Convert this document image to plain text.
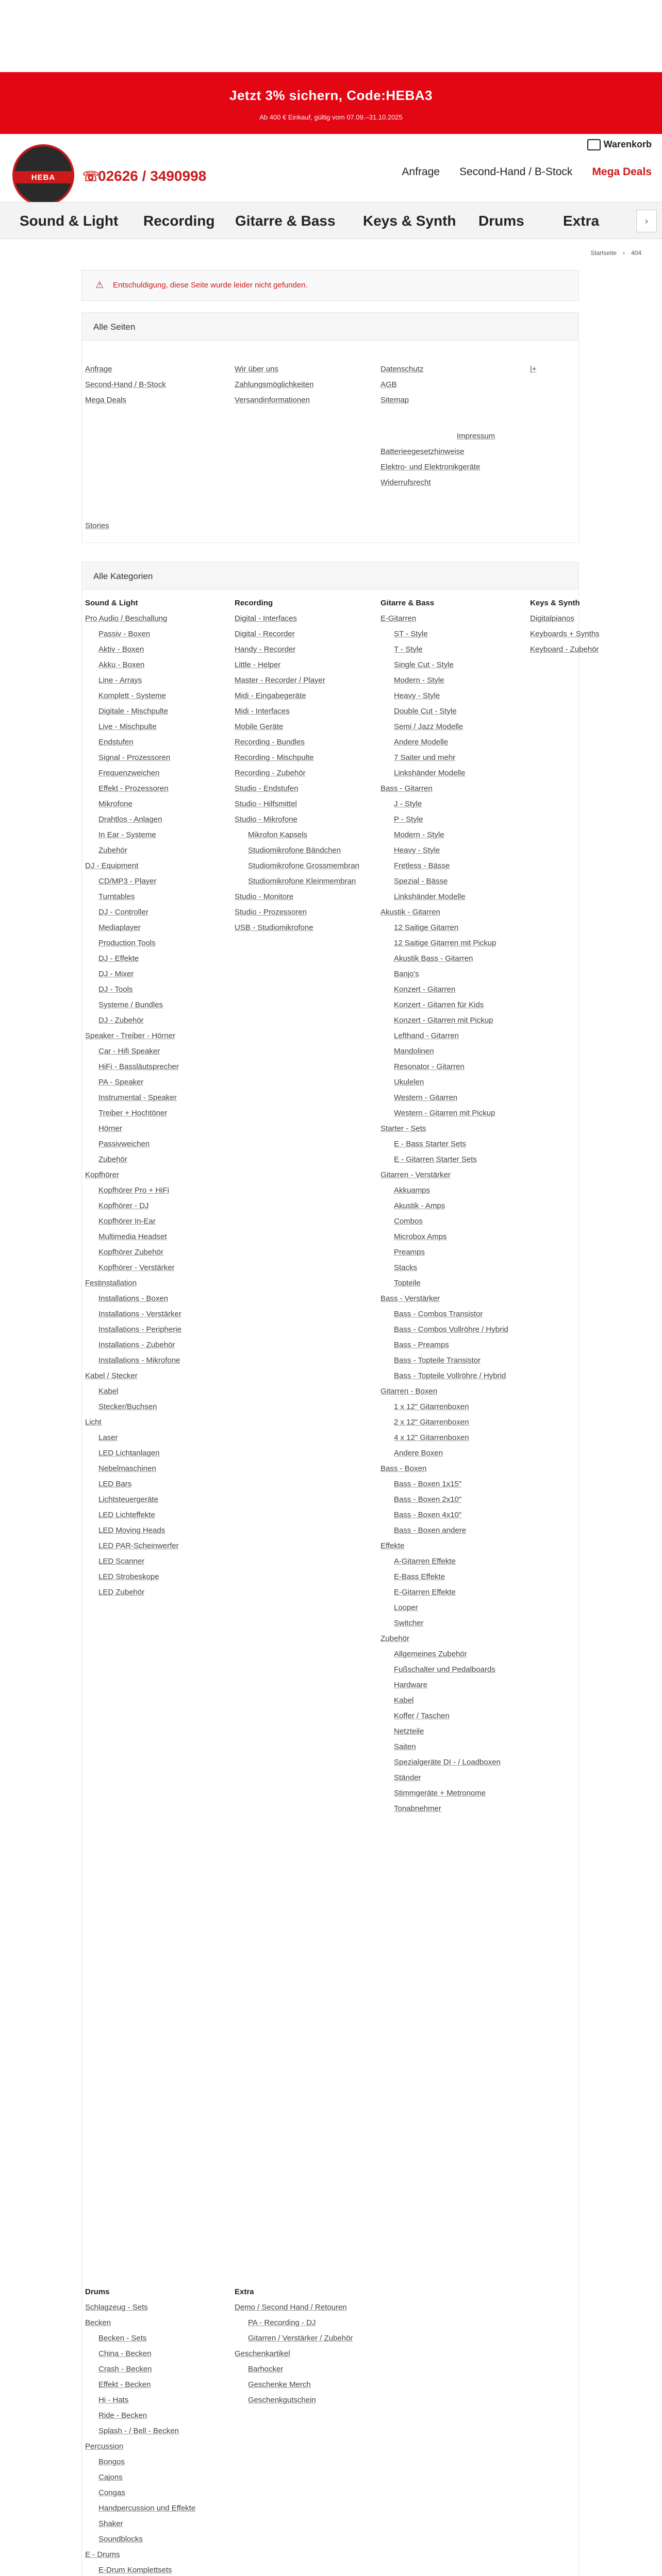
Jetzt 3% sichern, Code:HEBA3
Ab 400 € Einkauf, gültig vom 07.09.–31.10.2025
HEBA	☏02626 / 3490998
Warenkorb
Anfrage Second-Hand / B-Stock Mega Deals
Sound & Light Recording Gitarre & Bass Keys & Synth Drums	Extra	›
Startseite › 404
⚠ Entschuldigung, diese Seite wurde leider nicht gefunden.
Alle Seiten
Anfrage
Second-Hand / B-Stock
Mega Deals
Wir über uns
Zahlungsmöglichkeiten
Versandinformationen
Datenschutz
AGB
Sitemap
|+
Impressum
Batterieegesetzhinweise
Elektro- und Elektronikgeräte
Widerrufsrecht
Stories
Alle Kategorien
Sound & Light
Pro Audio / Beschallung
Passiv - Boxen
Aktiv - Boxen
Akku - Boxen
Line - Arrays
Komplett - Systeme
Digitale - Mischpulte
Live - Mischpulte
Endstufen
Signal - Prozessoren
Frequenzweichen
Effekt - Prozessoren
Mikrofone
Drahtlos - Anlagen
In Ear - Systeme
Zubehör
DJ - Equipment
CD/MP3 - Player
Turntables
DJ - Controller
Mediaplayer
Production Tools
DJ - Effekte
DJ - Mixer
DJ - Tools
Systeme / Bundles
DJ - Zubehör
Speaker - Treiber - Hörner
Car - Hifi Speaker
HiFi - Bassläutsprecher
PA - Speaker
Instrumental - Speaker
Treiber + Hochtöner
Hörner
Passivweichen
Zubehör
Kopfhörer
Kopfhörer Pro + HiFi
Kopfhörer - DJ
Kopfhörer In-Ear
Multimedia Headset
Kopfhörer Zubehör
Kopfhörer - Verstärker
Festinstallation
Installations - Boxen
Installations - Verstärker
Installations - Peripherie
Installations - Zubehör
Installations - Mikrofone
Kabel / Stecker
Kabel
Stecker/Buchsen
Licht
Laser
LED Lichtanlagen
Nebelmaschinen
LED Bars
Lichtsteuergeräte
LED Lichteffekte
LED Moving Heads
LED PAR-Scheinwerfer
LED Scanner
LED Strobeskope
LED Zubehör
Recording
Digital - Interfaces
Digital - Recorder
Handy - Recorder
Little - Helper
Master - Recorder / Player
Midi - Eingabegeräte
Midi - Interfaces
Mobile Geräte
Recording - Bundles
Recording - Mischpulte
Recording - Zubehör
Studio - Endstufen
Studio - Hilfsmittel
Studio - Mikrofone
Mikrofon Kapsels
Studiomikrofone Bändchen
Studiomikrofone Grossmembran
Studiomikrofone Kleinmembran
Studio - Monitore
Studio - Prozessoren
USB - Studiomikrofone
Gitarre & Bass
E-Gitarren
ST - Style
T - Style
Single Cut - Style
Modern - Style
Heavy - Style
Double Cut - Style
Semi / Jazz Modelle
Andere Modelle
7 Saiter und mehr
Linkshänder Modelle
Bass - Gitarren
J - Style
P - Style
Modern - Style
Heavy - Style
Fretless - Bässe
Spezial - Bässe
Linkshänder Modelle
Akustik - Gitarren
12 Saitige Gitarren
12 Saitige Gitarren mit Pickup
Akustik Bass - Gitarren
Banjo's
Konzert - Gitarren
Konzert - Gitarren für Kids
Konzert - Gitarren mit Pickup
Lefthand - Gitarren
Mandolinen
Resonator - Gitarren
Ukulelen
Western - Gitarren
Western - Gitarren mit Pickup
Starter - Sets
E - Bass Starter Sets
E - Gitarren Starter Sets
Gitarren - Verstärker
Akkuamps
Akustik - Amps
Combos
Microbox Amps
Preamps
Stacks
Topteile
Bass - Verstärker
Bass - Combos Transistor
Bass - Combos Vollröhre / Hybrid
Bass - Preamps
Bass - Topteile Transistor
Bass - Topteile Vollröhre / Hybrid
Gitarren - Boxen
1 x 12" Gitarrenboxen
2 x 12" Gitarrenboxen
4 x 12" Gitarrenboxen
Andere Boxen
Bass - Boxen
Bass - Boxen 1x15"
Bass - Boxen 2x10"
Bass - Boxen 4x10"
Bass - Boxen andere
Effekte
A-Gitarren Effekte
E-Bass Effekte
E-Gitarren Effekte
Looper
Switcher
Zubehör
Allgemeines Zubehör
Fußschalter und Pedalboards
Hardware
Kabel
Koffer / Taschen
Netzteile
Saiten
Spezialgeräte DI - / Loadboxen
Ständer
Stimmgeräte + Metronome
Tonabnehmer
Keys & Synth
Digitalpianos
Keyboards + Synths
Keyboard - Zubehör
Drums
Schlagzeug - Sets
Becken
Becken - Sets
China - Becken
Crash - Becken
Effekt - Becken
Hi - Hats
Ride - Becken
Splash - / Bell - Becken
Percussion
Bongos
Cajons
Congas
Handpercussion und Effekte
Shaker
Soundblocks
E - Drums
E-Drum Komplettsets
Extra
Demo / Second Hand / Retouren
PA - Recording - DJ
Gitarren / Verstärker / Zubehör
Geschenkartikel
Barhocker
Geschenke Merch
Geschenkgutschein
